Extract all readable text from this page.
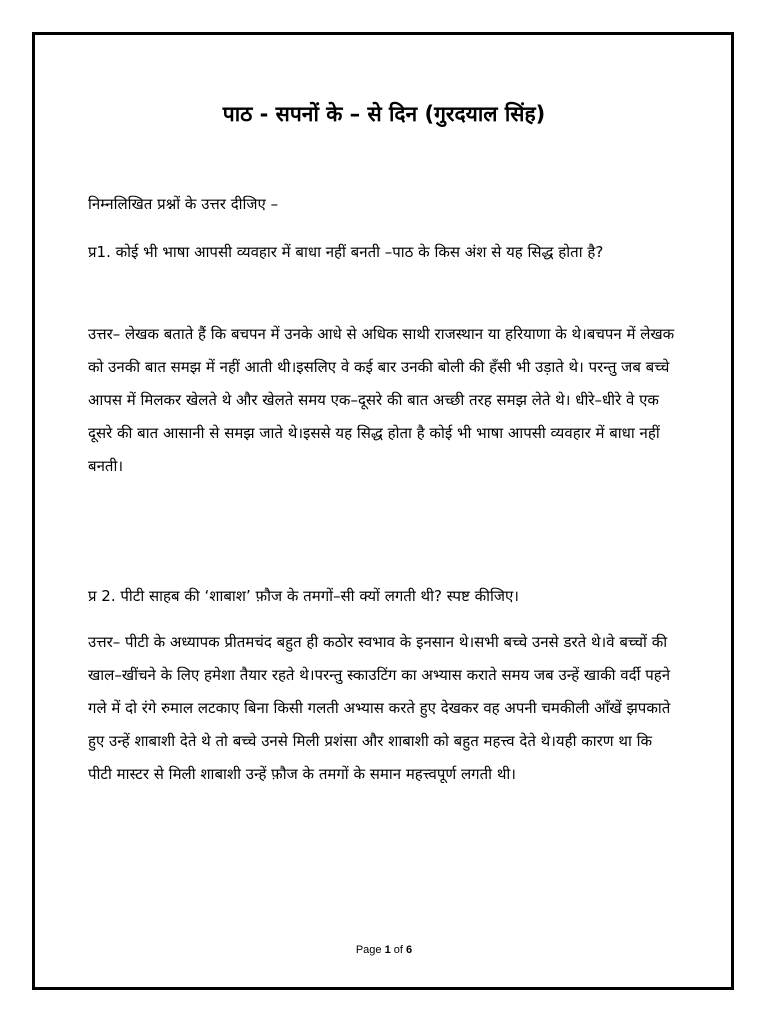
पाठ - सपनों के – से दिन (गुरदयाल सिंह)

निम्नलिखित प्रश्नों के उत्तर दीजिए –

प्र1. कोई भी भाषा आपसी व्यवहार में बाधा नहीं बनती –पाठ के किस अंश से यह सिद्ध होता है?

उत्तर– लेखक बताते हैं कि बचपन में उनके आधे से अधिक साथी राजस्थान या हरियाणा के थे।बचपन में लेखक को उनकी बात समझ में नहीं आती थी।इसलिए वे कई बार उनकी बोली की हँसी भी उड़ाते थे। परन्तु जब बच्चे आपस में मिलकर खेलते थे और खेलते समय एक–दूसरे की बात अच्छी तरह समझ लेते थे। धीरे–धीरे वे एक दूसरे की बात आसानी से समझ जाते थे।इससे यह सिद्ध होता है कोई भी भाषा आपसी व्यवहार में बाधा नहीं बनती।

प्र 2. पीटी साहब की ‘शाबाश’ फ़ौज के तमगों–सी क्यों लगती थी? स्पष्ट कीजिए।

उत्तर– पीटी के अध्यापक प्रीतमचंद बहुत ही कठोर स्वभाव के इनसान थे।सभी बच्चे उनसे डरते थे।वे बच्चों की खाल–खींचने के लिए हमेशा तैयार रहते थे।परन्तु स्काउटिंग का अभ्यास कराते समय जब उन्हें खाकी वर्दी पहने गले में दो रंगे रुमाल लटकाए बिना किसी गलती अभ्यास करते हुए देखकर वह अपनी चमकीली आँखें झपकाते हुए उन्हें शाबाशी देते थे तो बच्चे उनसे मिली प्रशंसा और शाबाशी को बहुत महत्त्व देते थे।यही कारण था कि पीटी मास्टर से मिली शाबाशी उन्हें फ़ौज के तमगों के समान महत्त्वपूर्ण लगती थी।

Page 1 of 6
